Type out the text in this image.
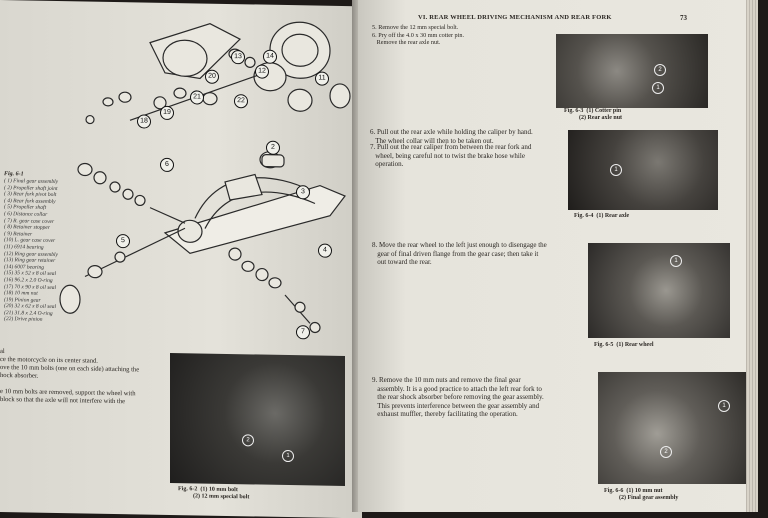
13	14
11
12
20
21
22
19
18
2
3
4
5
6
7
Fig. 6-1
( 1) Final gear assembly
( 2) Propeller shaft joint
( 3) Rear fork pivot bolt
( 4) Rear fork assembly
( 5) Propeller shaft
( 6) Distance collar
( 7) R. gear case cover
( 8) Retainer stopper
( 9) Retainer
(10) L. gear case cover
(11) 6914 bearing
(12) Ring gear assembly
(13) Ring gear retainer
(14) 6007 bearing
(15) 35 x 52 x 8 oil seal
(16) 96.2 x 2.0 O-ring
(17) 70 x 90 x 8 oil seal
(18) 10 mm nut
(19) Pinion gear
(20) 32 x 62 x 8 oil seal
(21) 31.8 x 2.4 O-ring
(22) Drive pinion
al
ce the motorcycle on its center stand.
ove the 10 mm bolts (one on each side) attaching the
hock absorber.

e 10 mm bolts are removed, support the wheel with
block so that the axle will not interfere with the
1
2
Fig. 6-2  (1) 10 mm bolt
(2) 12 mm special bolt
VI. REAR WHEEL DRIVING MECHANISM AND REAR FORK	73
5. Remove the 12 mm special bolt.
6. Pry off the 4.0 x 30 mm cotter pin.
Remove the rear axle nut.
6. Pull out the rear axle while holding the caliper by hand.
The wheel collar will then to be taken out.
7. Pull out the rear caliper from between the rear fork and
wheel, being careful not to twist the brake hose while
operation.
8. Move the rear wheel to the left just enough to disengage the
gear of final driven flange from the gear case; then take it
out toward the rear.
9. Remove the 10 mm nuts and remove the final gear
assembly. It is a good practice to attach the left rear fork to
the rear shock absorber before removing the gear assembly.
This prevents interference between the gear assembly and
exhaust muffler, thereby facilitating the operation.
2
1
Fig. 6-3  (1) Cotter pin
(2) Rear axle nut
1
Fig. 6-4  (1) Rear axle
1
Fig. 6-5  (1) Rear wheel
1
2
Fig. 6-6  (1) 10 mm nut
(2) Final gear assembly
